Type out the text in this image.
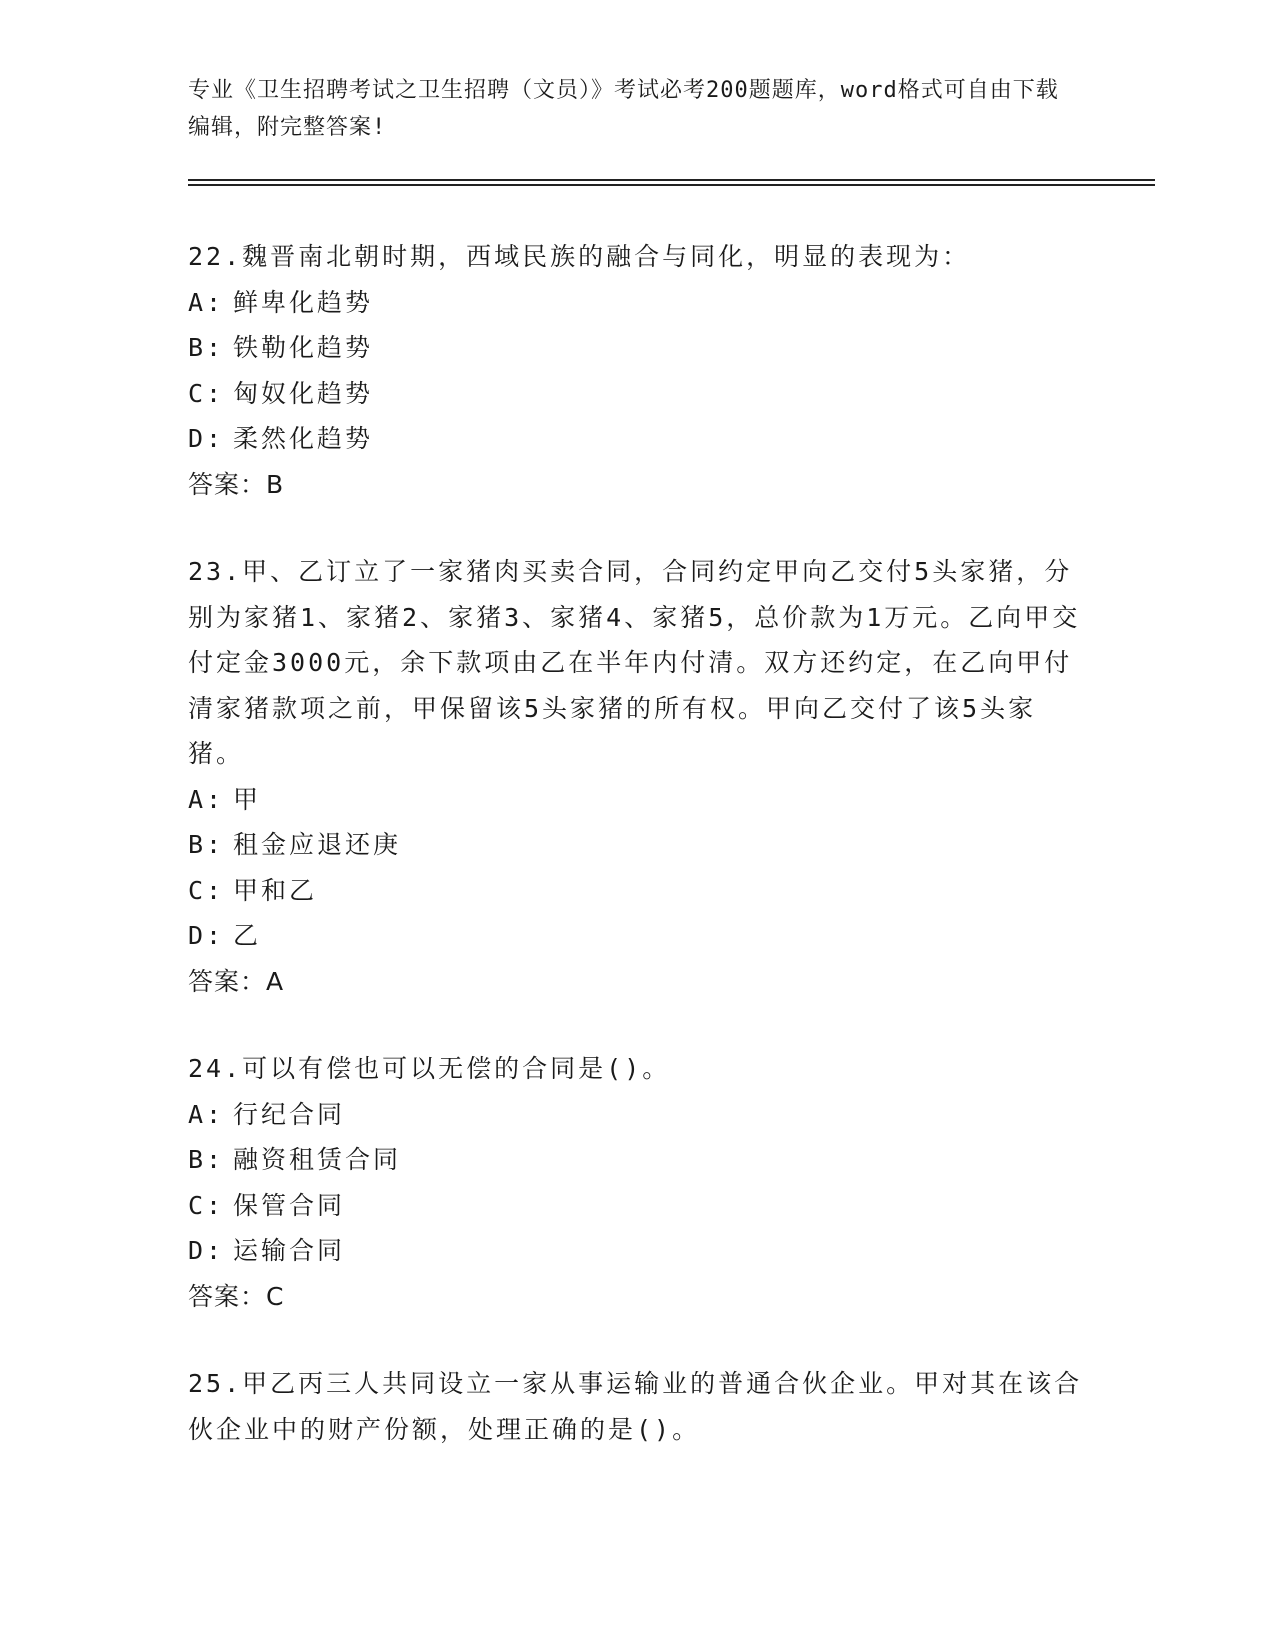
专业《卫生招聘考试之卫生招聘（文员）》考试必考200题题库，word格式可自由下载编辑，附完整答案!

22.魏晋南北朝时期，西域民族的融合与同化，明显的表现为：

A: 鲜卑化趋势

B: 铁勒化趋势

C: 匈奴化趋势

D: 柔然化趋势

答案：B

23.甲、乙订立了一家猪肉买卖合同，合同约定甲向乙交付5头家猪，分别为家猪1、家猪2、家猪3、家猪4、家猪5，总价款为1万元。乙向甲交付定金3000元，余下款项由乙在半年内付清。双方还约定，在乙向甲付清家猪款项之前，甲保留该5头家猪的所有权。甲向乙交付了该5头家猪。

A: 甲

B: 租金应退还庚

C: 甲和乙

D: 乙

答案：A

24.可以有偿也可以无偿的合同是()。

A: 行纪合同

B: 融资租赁合同

C: 保管合同

D: 运输合同

答案：C

25.甲乙丙三人共同设立一家从事运输业的普通合伙企业。甲对其在该合伙企业中的财产份额，处理正确的是()。
